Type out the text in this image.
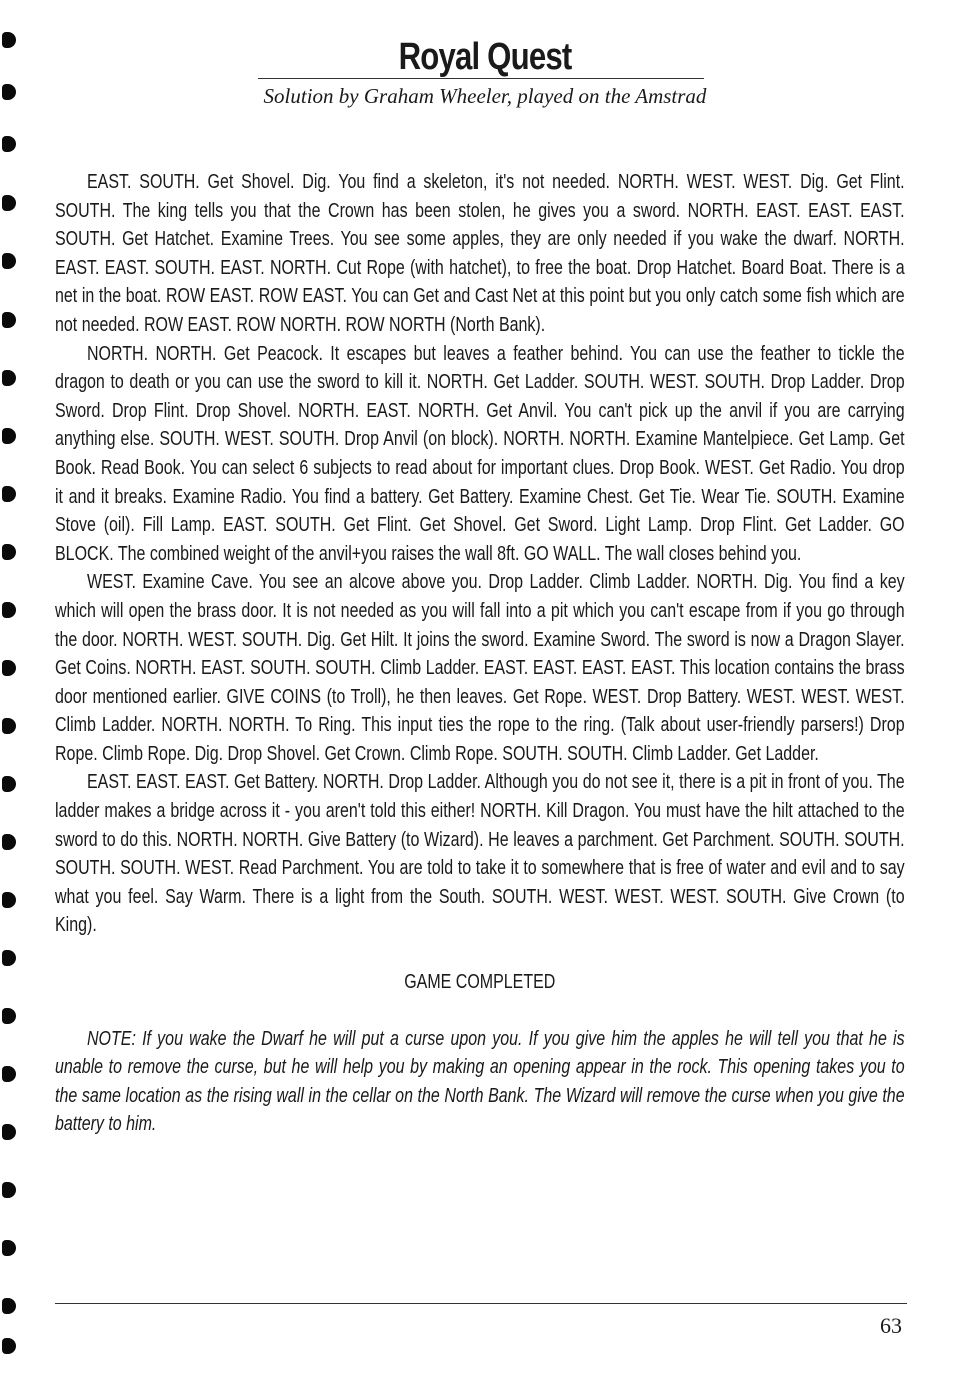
Royal Quest

Solution by Graham Wheeler, played on the Amstrad

EAST. SOUTH. Get Shovel. Dig. You find a skeleton, it's not needed. NORTH. WEST. WEST. Dig. Get Flint. SOUTH. The king tells you that the Crown has been stolen, he gives you a sword. NORTH. EAST. EAST. EAST. SOUTH. Get Hatchet. Examine Trees. You see some apples, they are only needed if you wake the dwarf. NORTH. EAST. EAST. SOUTH. EAST. NORTH. Cut Rope (with hatchet), to free the boat. Drop Hatchet. Board Boat. There is a net in the boat. ROW EAST. ROW EAST. You can Get and Cast Net at this point but you only catch some fish which are not needed. ROW EAST. ROW NORTH. ROW NORTH (North Bank).

NORTH. NORTH. Get Peacock. It escapes but leaves a feather behind. You can use the feather to tickle the dragon to death or you can use the sword to kill it. NORTH. Get Ladder. SOUTH. WEST. SOUTH. Drop Ladder. Drop Sword. Drop Flint. Drop Shovel. NORTH. EAST. NORTH. Get Anvil. You can't pick up the anvil if you are carrying anything else. SOUTH. WEST. SOUTH. Drop Anvil (on block). NORTH. NORTH. Examine Mantelpiece. Get Lamp. Get Book. Read Book. You can select 6 subjects to read about for important clues. Drop Book. WEST. Get Radio. You drop it and it breaks. Examine Radio. You find a battery. Get Battery. Examine Chest. Get Tie. Wear Tie. SOUTH. Examine Stove (oil). Fill Lamp. EAST. SOUTH. Get Flint. Get Shovel. Get Sword. Light Lamp. Drop Flint. Get Ladder. GO BLOCK. The combined weight of the anvil+you raises the wall 8ft. GO WALL. The wall closes behind you.

WEST. Examine Cave. You see an alcove above you. Drop Ladder. Climb Ladder. NORTH. Dig. You find a key which will open the brass door. It is not needed as you will fall into a pit which you can't escape from if you go through the door. NORTH. WEST. SOUTH. Dig. Get Hilt. It joins the sword. Examine Sword. The sword is now a Dragon Slayer. Get Coins. NORTH. EAST. SOUTH. SOUTH. Climb Ladder. EAST. EAST. EAST. EAST. This location contains the brass door mentioned earlier. GIVE COINS (to Troll), he then leaves. Get Rope. WEST. Drop Battery. WEST. WEST. WEST. Climb Ladder. NORTH. NORTH. To Ring. This input ties the rope to the ring. (Talk about user-friendly parsers!) Drop Rope. Climb Rope. Dig. Drop Shovel. Get Crown. Climb Rope. SOUTH. SOUTH. Climb Ladder. Get Ladder.

EAST. EAST. EAST. Get Battery. NORTH. Drop Ladder. Although you do not see it, there is a pit in front of you. The ladder makes a bridge across it - you aren't told this either! NORTH. Kill Dragon. You must have the hilt attached to the sword to do this. NORTH. NORTH. Give Battery (to Wizard). He leaves a parchment. Get Parchment. SOUTH. SOUTH. SOUTH. SOUTH. WEST. Read Parchment. You are told to take it to somewhere that is free of water and evil and to say what you feel. Say Warm. There is a light from the South. SOUTH. WEST. WEST. WEST. SOUTH. Give Crown (to King).

GAME COMPLETED

NOTE: If you wake the Dwarf he will put a curse upon you. If you give him the apples he will tell you that he is unable to remove the curse, but he will help you by making an opening appear in the rock. This opening takes you to the same location as the rising wall in the cellar on the North Bank. The Wizard will remove the curse when you give the battery to him.

63
